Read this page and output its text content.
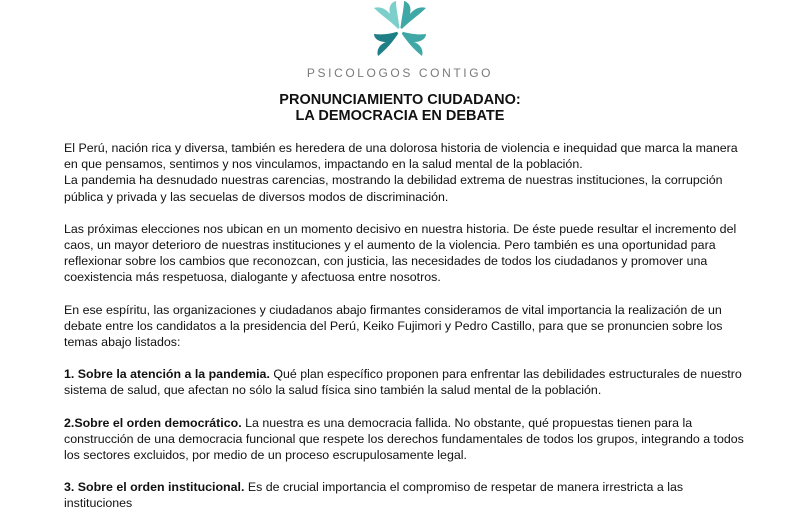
PSICOLOGOS CONTIGO
PRONUNCIAMIENTO CIUDADANO:
LA DEMOCRACIA EN DEBATE

El Perú, nación rica y diversa, también es heredera de una dolorosa historia de violencia e inequidad que marca la manera en que pensamos, sentimos y nos vinculamos, impactando en la salud mental de la población.

La pandemia ha desnudado nuestras carencias, mostrando la debilidad extrema de nuestras instituciones, la corrupción pública y privada y las secuelas de diversos modos de discriminación.

Las próximas elecciones nos ubican en un momento decisivo en nuestra historia. De éste puede resultar el incremento del caos, un mayor deterioro de nuestras instituciones y el aumento de la violencia. Pero también es una oportunidad para reflexionar sobre los cambios que reconozcan, con justicia, las necesidades de todos los ciudadanos y promover una coexistencia más respetuosa, dialogante y afectuosa entre nosotros.

En ese espíritu, las organizaciones y ciudadanos abajo firmantes consideramos de vital importancia la realización de un debate entre los candidatos a la presidencia del Perú, Keiko Fujimori y Pedro Castillo, para que se pronuncien sobre los temas abajo listados:

1. Sobre la atención a la pandemia. Qué plan específico proponen para enfrentar las debilidades estructurales de nuestro sistema de salud, que afectan no sólo la salud física sino también la salud mental de la población.

2.Sobre el orden democrático. La nuestra es una democracia fallida. No obstante, qué propuestas tienen para la construcción de una democracia funcional que respete los derechos fundamentales de todos los grupos, integrando a todos los sectores excluidos, por medio de un proceso escrupulosamente legal.

3. Sobre el orden institucional. Es de crucial importancia el compromiso de respetar de manera irrestricta a las instituciones
